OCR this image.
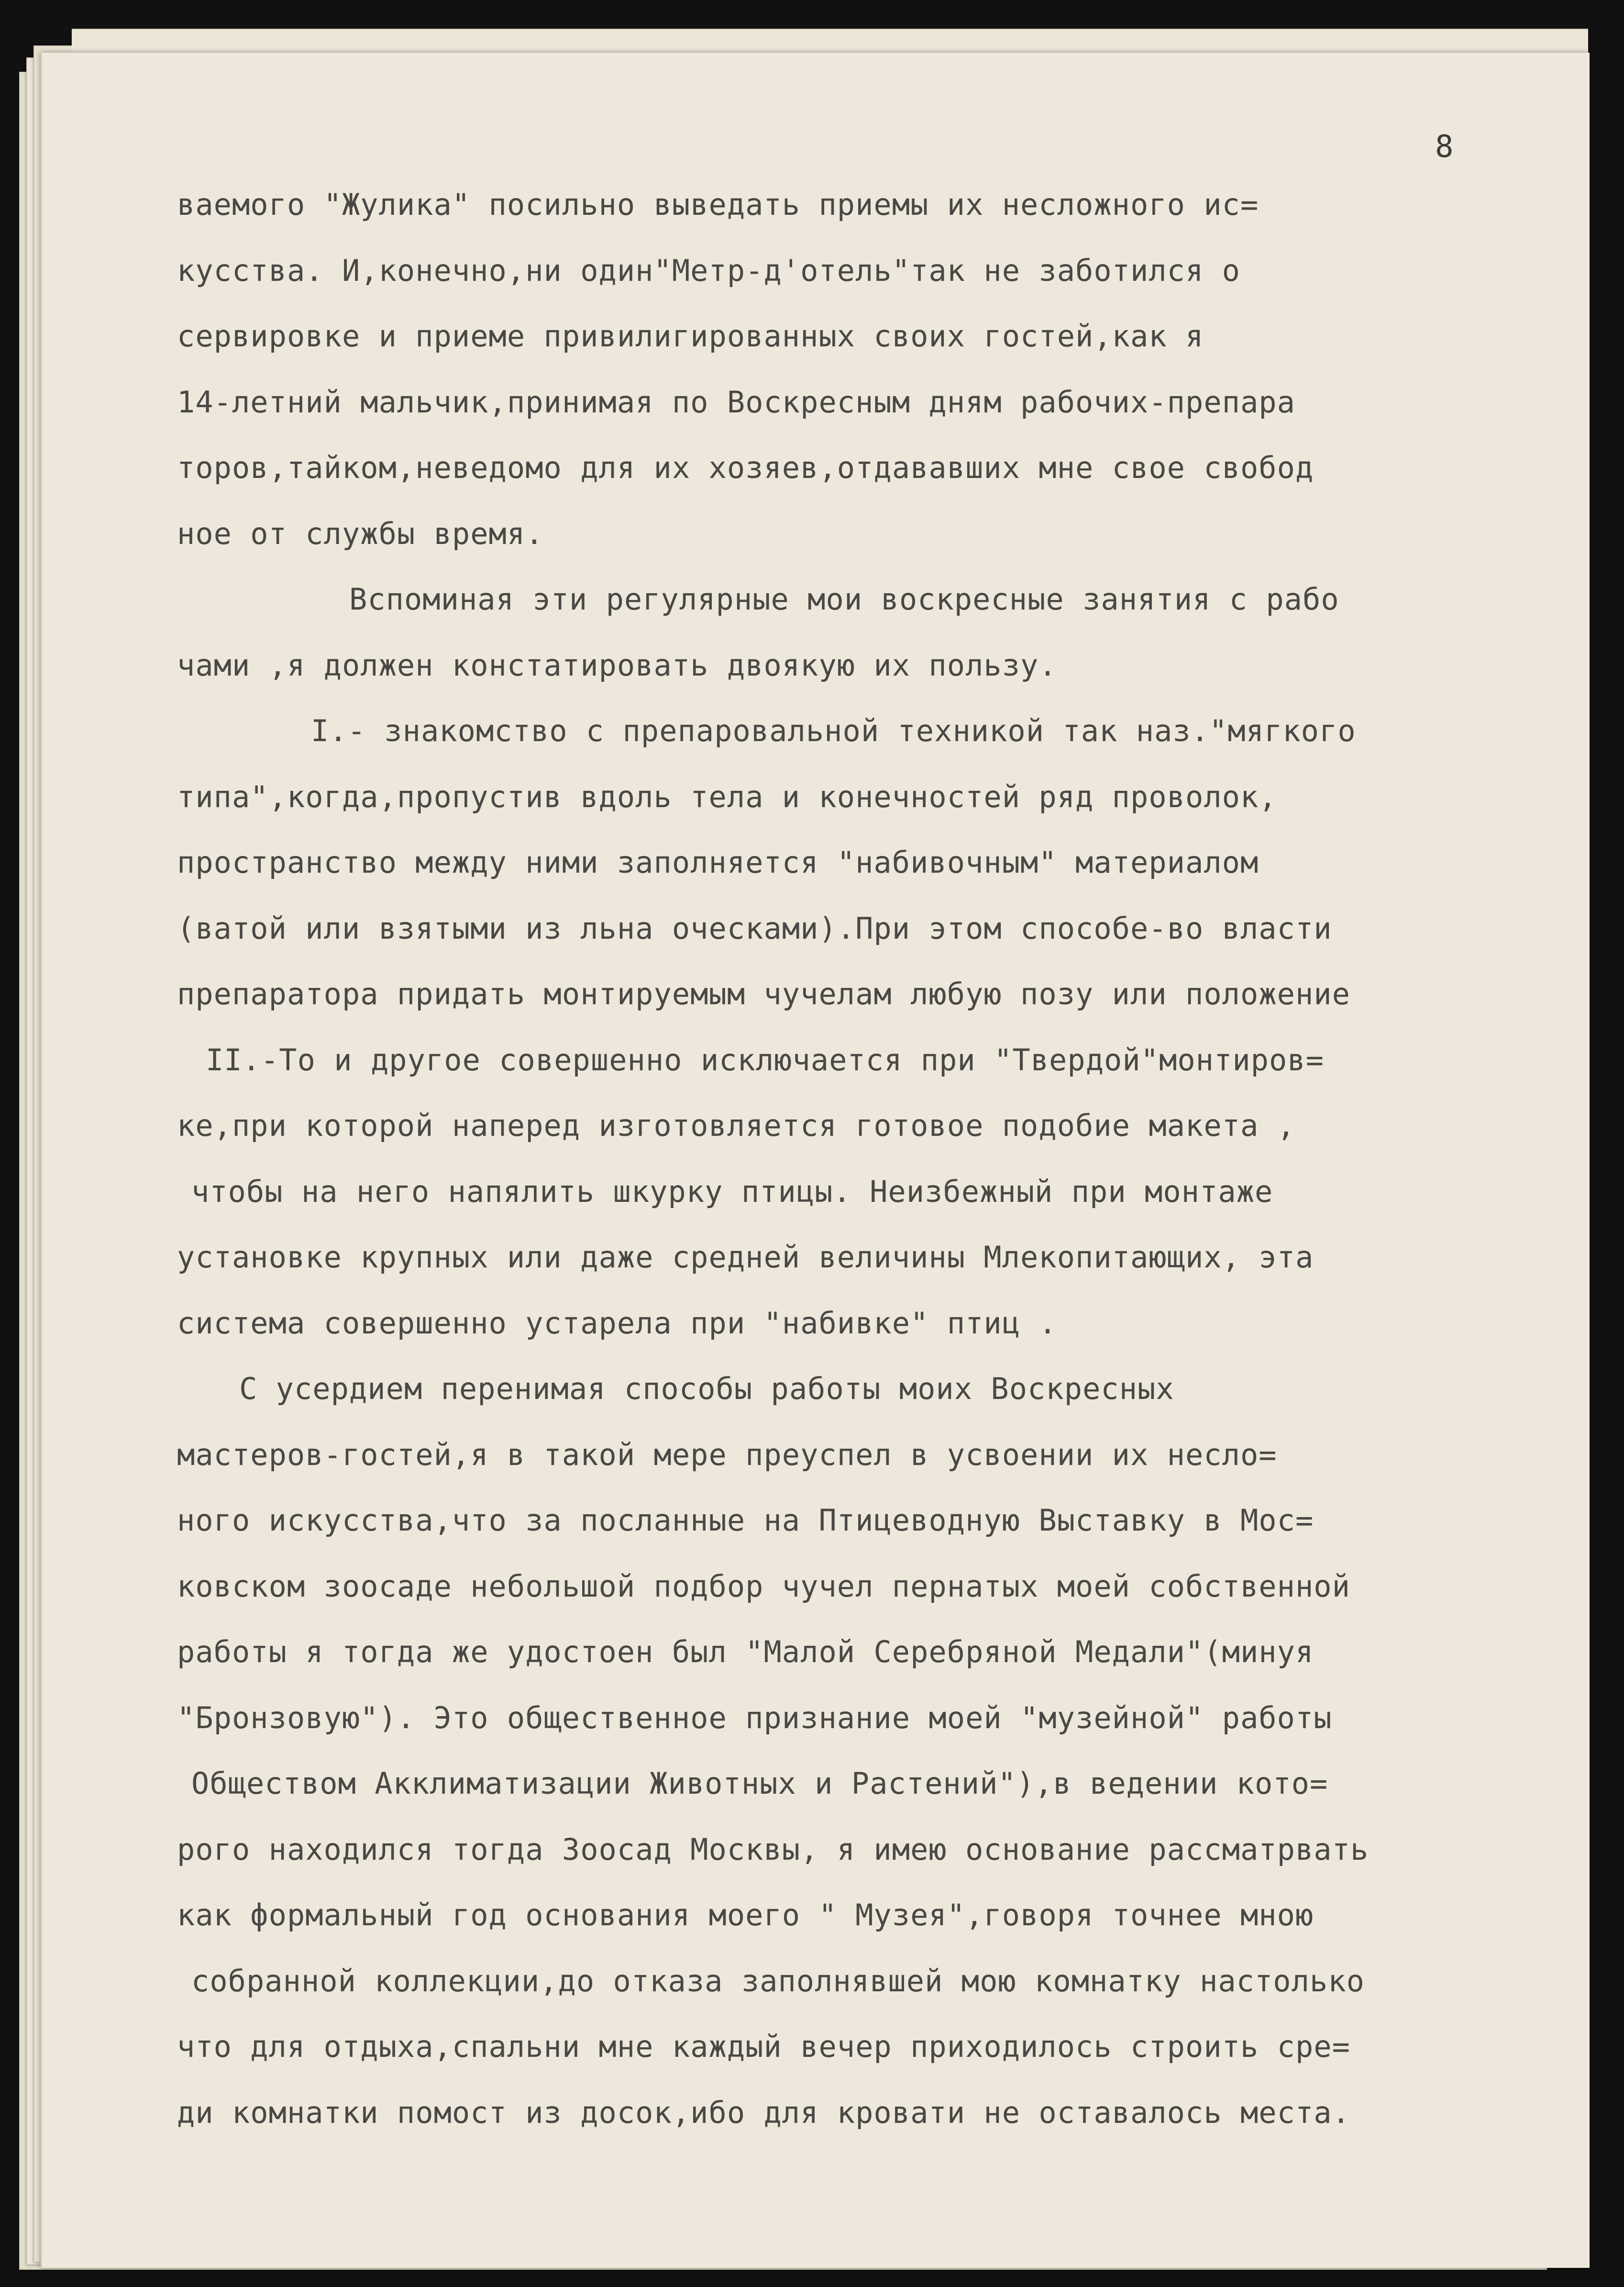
8
ваемого "Жулика" посильно выведать приемы их несложного ис=
кусства. И,конечно,ни один"Метр-д'отель"так не заботился о
сервировке и приеме привилигированных своих гостей,как я
14-летний мальчик,принимая по Воскресным дням рабочих-препара
торов,тайком,неведомо для их хозяев,отдававших мне свое свобод
ное от службы время.
Вспоминая эти регулярные мои воскресные занятия с рабо
чами ,я должен констатировать двоякую их пользу.
I.- знакомство с препаровальной техникой так наз."мягкого
типа",когда,пропустив вдоль тела и конечностей ряд проволок,
пространство между ними заполняется "набивочным" материалом
(ватой или взятыми из льна оческами).При этом способе-во власти
препаратора придать монтируемым чучелам любую позу или положение
II.-То и другое совершенно исключается при "Твердой"монтиров=
ке,при которой наперед изготовляется готовое подобие макета ,
чтобы на него напялить шкурку птицы. Неизбежный при монтаже
установке крупных или даже средней величины Млекопитающих, эта
система совершенно устарела при "набивке" птиц .
С усердием перенимая способы работы моих Воскресных
мастеров-гостей,я в такой мере преуспел в усвоении их несло=
ного искусства,что за посланные на Птицеводную Выставку в Мос=
ковском зоосаде небольшой подбор чучел пернатых моей собственной
работы я тогда же удостоен был "Малой Серебряной Медали"(минуя
"Бронзовую"). Это общественное признание моей "музейной" работы
Обществом Акклиматизации Животных и Растений"),в ведении кото=
рого находился тогда Зоосад Москвы, я имею основание рассматрвать
как формальный год основания моего " Музея",говоря точнее мною
собранной коллекции,до отказа заполнявшей мою комнатку настолько
что для отдыха,спальни мне каждый вечер приходилось строить сре=
ди комнатки помост из досок,ибо для кровати не оставалось места.
